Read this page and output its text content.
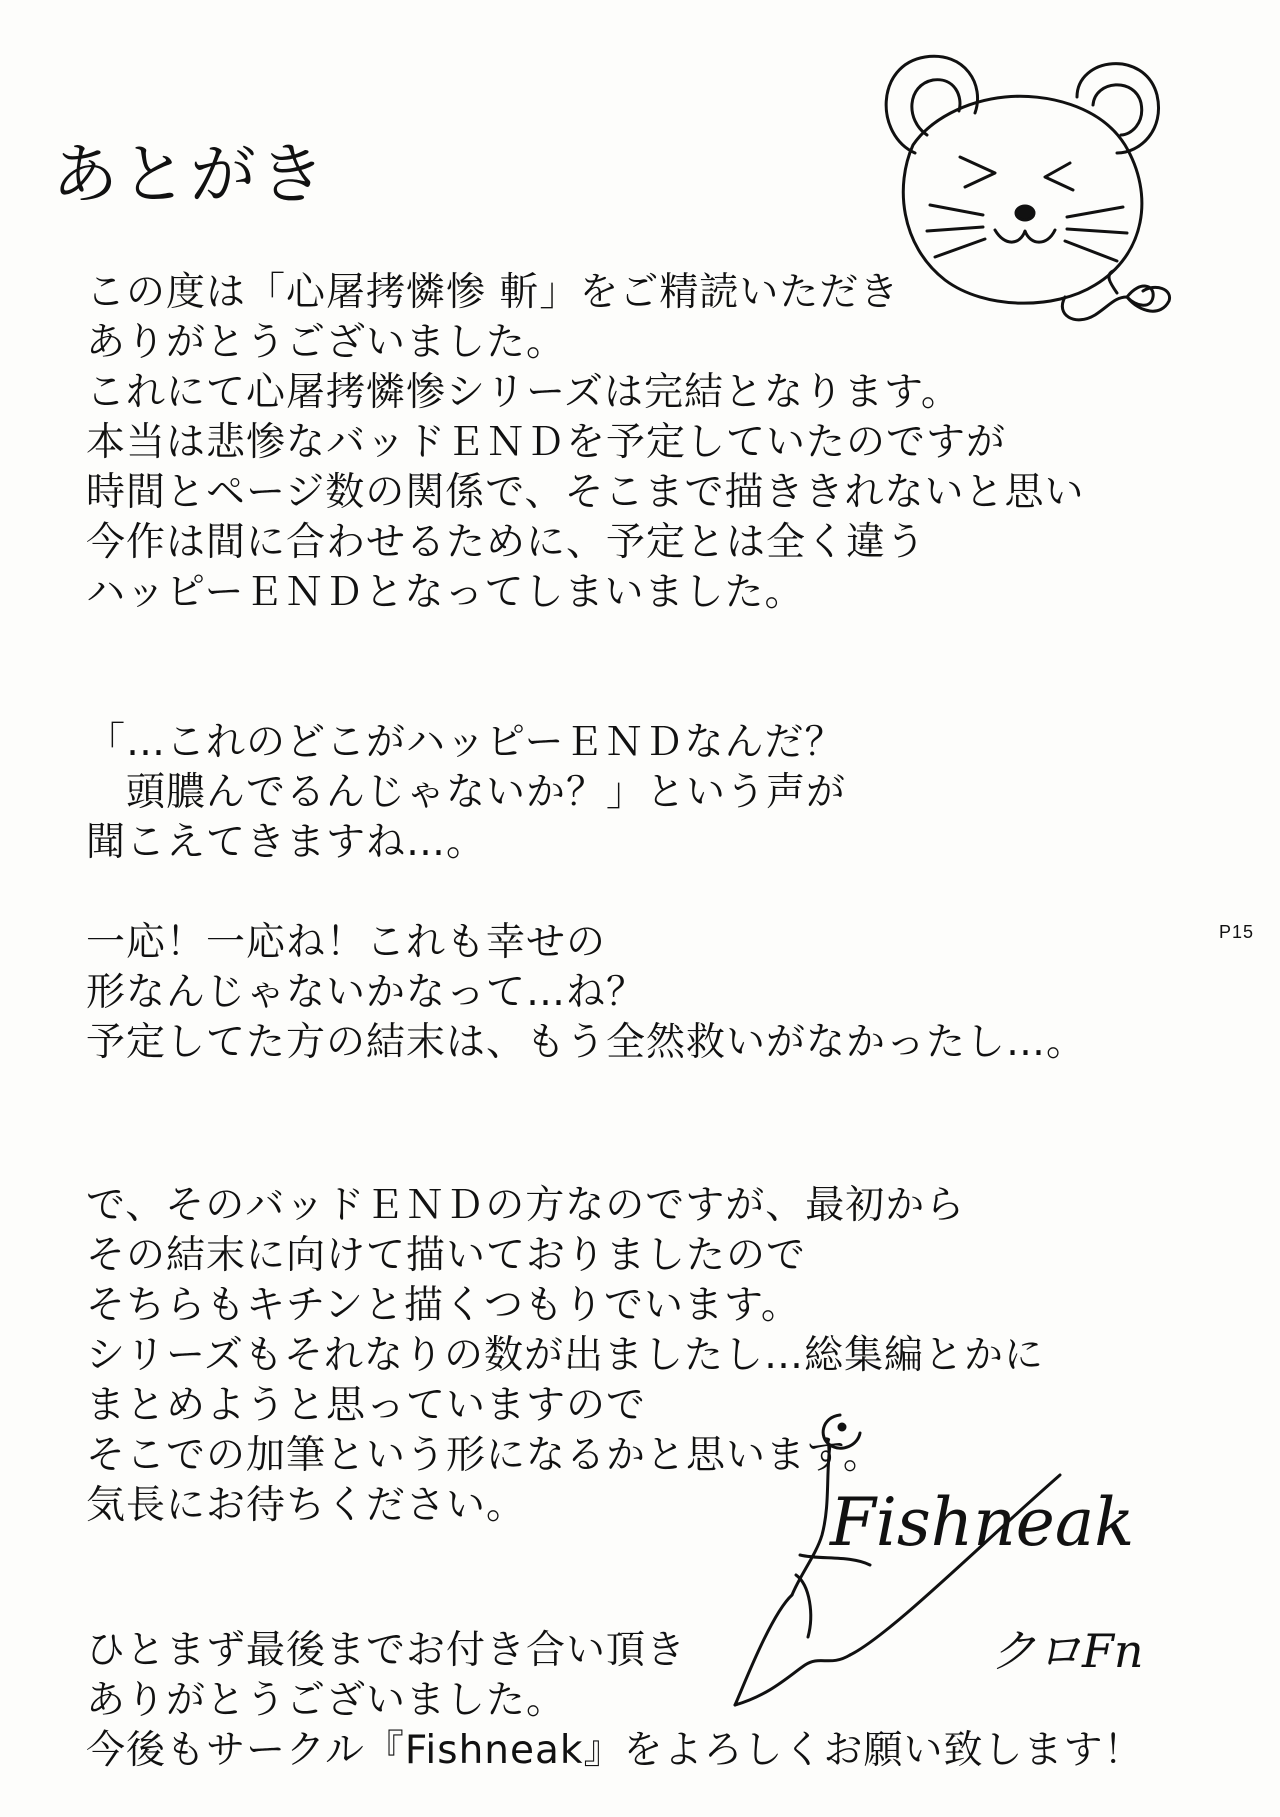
あとがき

この度は「心屠拷憐惨 斬」をご精読いただき
ありがとうございました。
これにて心屠拷憐惨シリーズは完結となります。
本当は悲惨なバッドＥＮＤを予定していたのですが
時間とページ数の関係で、そこまで描ききれないと思い
今作は間に合わせるために、予定とは全く違う
ハッピーＥＮＤとなってしまいました。

「…これのどこがハッピーＥＮＤなんだ？
　頭膿んでるんじゃないか？」という声が
聞こえてきますね…。

一応！一応ね！これも幸せの
形なんじゃないかなって…ね？
予定してた方の結末は、もう全然救いがなかったし…。

で、そのバッドＥＮＤの方なのですが、最初から
その結末に向けて描いておりましたので
そちらもキチンと描くつもりでいます。
シリーズもそれなりの数が出ましたし…総集編とかに
まとめようと思っていますので
そこでの加筆という形になるかと思います。
気長にお待ちください。

ひとまず最後までお付き合い頂き
ありがとうございました。
今後もサークル『Fishneak』をよろしくお願い致します！

P15
Fishneak
クロFn
